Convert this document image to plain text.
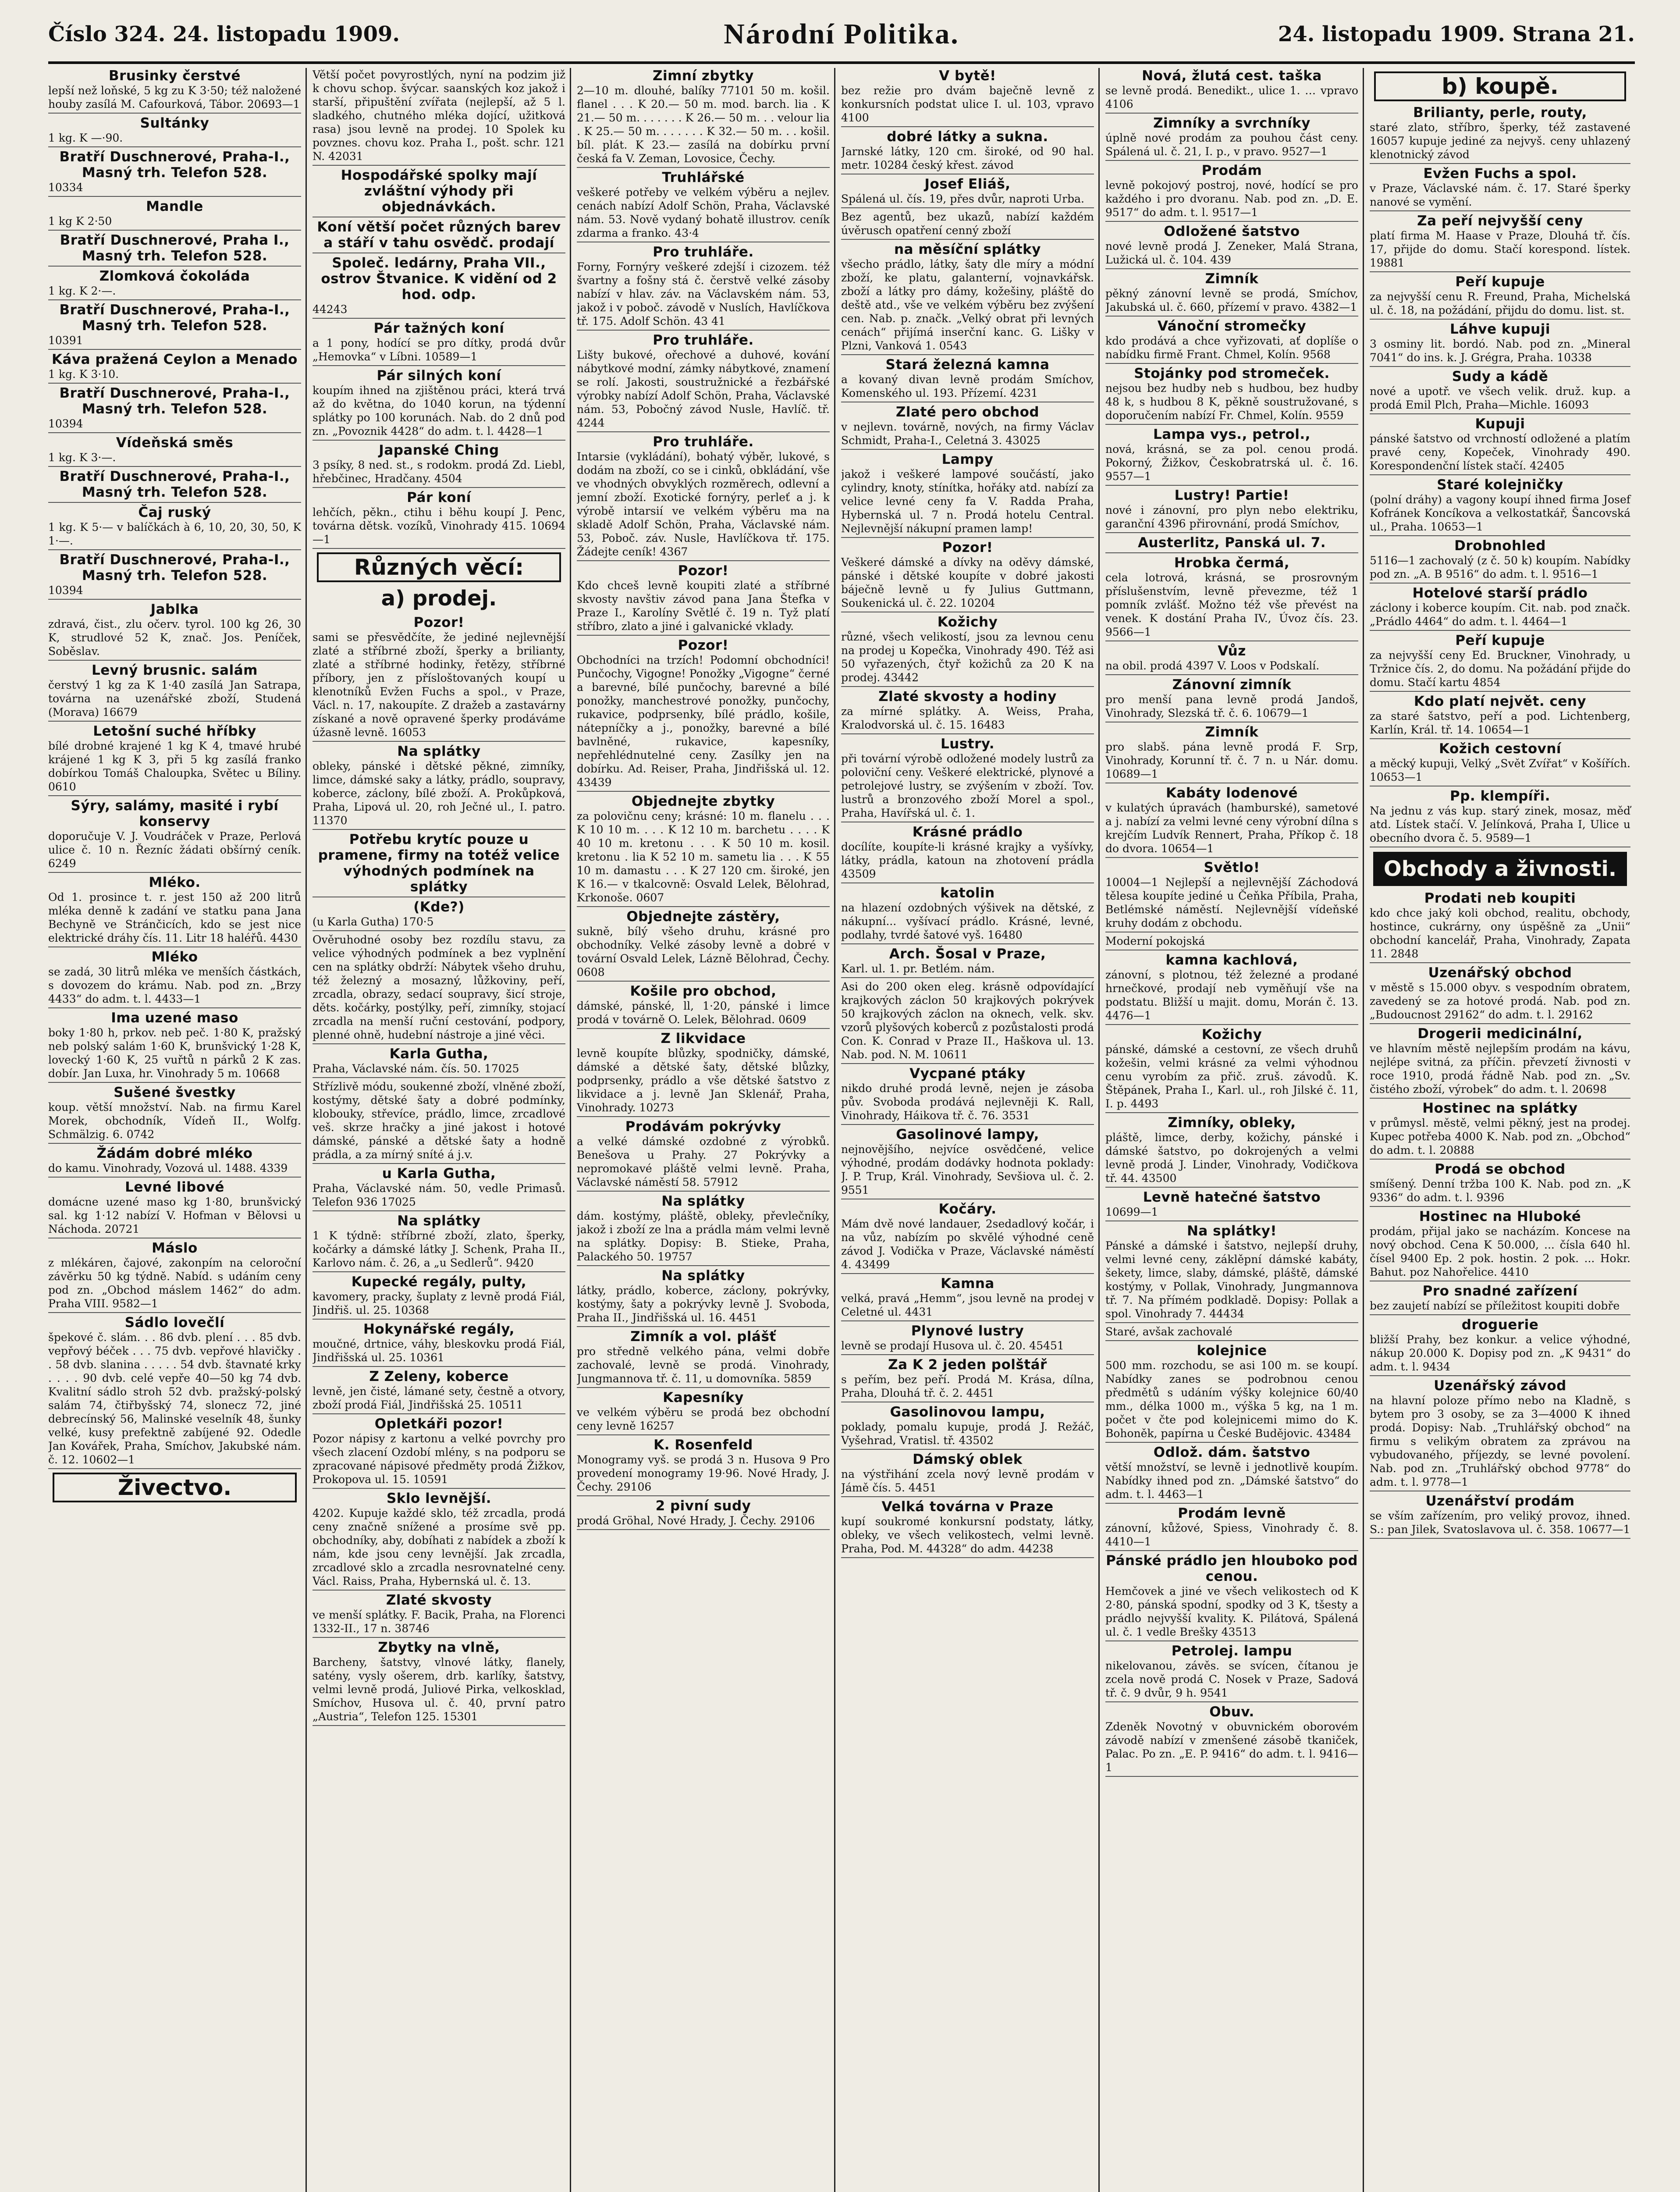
Číslo 324. 24. listopadu 1909.	Národní Politika.	24. listopadu 1909. Strana 21.
Brusinky čerstvé
lepší než loňské, 5 kg zu K 3·50; též naložené houby zasílá M. Cafourková, Tábor. 20693—1
Sultánky
1 kg. K —·90.
Bratří Duschnerové, Praha-I., Masný trh. Telefon 528.
10334
Mandle
1 kg K 2·50
Bratří Duschnerové, Praha I., Masný trh. Telefon 528.
Zlomková čokoláda
1 kg. K 2·—.
Bratří Duschnerové, Praha-I., Masný trh. Telefon 528.
10391
Káva pražená Ceylon a Menado
1 kg. K 3·10.
Bratří Duschnerové, Praha-I., Masný trh. Telefon 528.
10394
Vídeňská směs
1 kg. K 3·—.
Bratří Duschnerové, Praha-I., Masný trh. Telefon 528.
Čaj ruský
1 kg. K 5·— v balíčkách à 6, 10, 20, 30, 50, K 1·—.
Bratří Duschnerové, Praha-I., Masný trh. Telefon 528.
10394
Jablka
zdravá, čist., zlu očerv. tyrol. 100 kg 26, 30 K, strudlové 52 K, znač. Jos. Peníček, Soběslav.
Levný brusnic. salám
čerstvý 1 kg za K 1·40 zasílá Jan Satrapa, továrna na uzenářské zboží, Studená (Morava) 16679
Letošní suché hříbky
bílé drobné krajené 1 kg K 4, tmavé hrubé krájené 1 kg K 3, při 5 kg zasílá franko dobírkou Tomáš Chaloupka, Světec u Bíliny. 0610
Sýry, salámy, masité i rybí konservy
doporučuje V. J. Voudráček v Praze, Perlová ulice č. 10 n. Řezníc žádati obšírný ceník. 6249
Mléko.
Od 1. prosince t. r. jest 150 až 200 litrů mléka denně k zadání ve statku pana Jana Bechyně ve Stránčicích, kdo se jest nice elektrické dráhy čís. 11. Litr 18 haléřů. 4430
Mléko
se zadá, 30 litrů mléka ve menších částkách, s dovozem do krámu. Nab. pod zn. „Brzy 4433“ do adm. t. l. 4433—1
Ima uzené maso
boky 1·80 h, prkov. neb peč. 1·80 K, pražský neb polský salám 1·60 K, brunšvický 1·28 K, lovecký 1·60 K, 25 vuřtů n párků 2 K zas. dobír. Jan Luxa, hr. Vinohrady 5 m. 10668
Sušené švestky
koup. větší množství. Nab. na firmu Karel Morek, obchodník, Vídeň II., Wolfg. Schmälzig. 6. 0742
Žádám dobré mléko
do kamu. Vinohrady, Vozová ul. 1488. 4339
Levné libové
domácne uzené maso kg 1·80, brunšvický sal. kg 1·12 nabízí V. Hofman v Bělovsi u Náchoda. 20721
Máslo
z mlékáren, čajové, zakonpím na celoroční závěrku 50 kg týdně. Nabíd. s udáním ceny pod zn. „Obchod máslem 1462“ do adm. Praha VIII. 9582—1
Sádlo lovečlí
špekové č. slám. . . 86 dvb. plení . . . 85 dvb. vepřový béček . . . 75 dvb. vepřové hlavičky . . 58 dvb. slanina . . . . . 54 dvb. štavnaté krky . . . . 90 dvb. celé vepře 40—50 kg 74 dvb. Kvalitní sádlo stroh 52 dvb. pražský-polský salám 74, čtiřbyšský 74, slonecz 72, jiné debrecínský 56, Malinské veselník 48, šunky velké, kusy prefektně zabíjené 92. Odedle Jan Kovářek, Praha, Smíchov, Jakubské nám. č. 12. 10602—1
Živectvo.
Větší počet povyrostlých, nyní na podzim již k chovu schop. švýcar. saanských koz jakož i starší, připuštění zvířata (nejlepší, až 5 l. sladkého, chutného mléka dojící, užitková rasa) jsou levně na prodej. 10 Spolek ku povznes. chovu koz. Praha I., pošt. schr. 121 N. 42031
Hospodářské spolky mají zvláštní výhody při objednávkách.
Koní větší počet různých barev a stáří v tahu osvědč. prodají
Společ. ledárny, Praha VII., ostrov Štvanice. K vidění od 2 hod. odp.
44243
Pár tažných koní
a 1 pony, hodící se pro dítky, prodá dvůr „Hemovka“ v Líbni. 10589—1
Pár silných koní
koupím ihned na zjištěnou práci, která trvá až do května, do 1040 korun, na týdenní splátky po 100 korunách. Nab. do 2 dnů pod zn. „Povoznik 4428“ do adm. t. l. 4428—1
Japanské Ching
3 psíky, 8 ned. st., s rodokm. prodá Zd. Liebl, hřebčinec, Hradčany. 4504
Pár koní
lehčích, pěkn., ctihu i běhu koupí J. Penc, továrna dětsk. vozíků, Vinohrady 415. 10694—1
Různých věcí:
a) prodej.
Pozor!
sami se přesvědčíte, že jediné nejlevnější zlaté a stříbrné zboží, šperky a brilianty, zlaté a stříbrné hodinky, řetězy, stříbrné příbory, jen z přísloštovaných koupí u klenotníků Evžen Fuchs a spol., v Praze, Václ. n. 17, nakoupíte. Z dražeb a zastavárny získané a nově opravené šperky prodáváme úžasně levně. 16053
Na splátky
obleky, pánské i dětské pěkné, zimníky, limce, dámské saky a látky, prádlo, soupravy, koberce, záclony, bílé zboží. A. Prokůpková, Praha, Lipová ul. 20, roh Ječné ul., I. patro. 11370
Potřebu krytíc pouze u pramene, firmy na totéž velice výhodných podmínek na splátky
(Kde?)
(u Karla Gutha) 170·5
Ověruhodné osoby bez rozdílu stavu, za velice výhodných podmínek a bez vyplnění cen na splátky obdrží: Nábytek všeho druhu, též železný a mosazný, lůžkoviny, peří, zrcadla, obrazy, sedací soupravy, šicí stroje, děts. kočárky, postýlky, peří, zimníky, stojací zrcadla na menší ruční cestování, podpory, plenné ohně, hudební nástroje a jiné věci.
Karla Gutha,
Praha, Václavské nám. čís. 50. 17025
Střízlivě módu, soukenné zboží, vlněné zboží, kostýmy, dětské šaty a dobré podmínky, klobouky, střevíce, prádlo, limce, zrcadlové veš. skrze hračky a jiné jakost i hotové dámské, pánské a dětské šaty a hodně prádla, a za mírný sníté á j.v.
u Karla Gutha,
Praha, Václavské nám. 50, vedle Primasů. Telefon 936 17025
Na splátky
1 K týdně: stříbrné zboží, zlato, šperky, kočárky a dámské látky J. Schenk, Praha II., Karlovo nám. č. 26, a „u Sedlerů“. 9420
Kupecké regály, pulty,
kavomery, pracky, šuplaty z levně prodá Fiál, Jindřiš. ul. 25. 10368
Hokynářské regály,
moučné, drtnice, váhy, bleskovku prodá Fiál, Jindřišská ul. 25. 10361
Z Zeleny, koberce
levně, jen čisté, lámané sety, čestně a otvory, zboží prodá Fiál, Jindřišská 25. 10511
Opletkáři pozor!
Pozor nápisy z kartonu a velké povrchy pro všech zlacení Ozdobí mlény, s na podporu se zpracované nápisové předměty prodá Žižkov, Prokopova ul. 15. 10591
Sklo levnější.
4202. Kupuje každé sklo, též zrcadla, prodá ceny značně snížené a prosíme svě pp. obchodníky, aby, dobíhati z nabídek a zboží k nám, kde jsou ceny levnější. Jak zrcadla, zrcadlové sklo a zrcadla nesrovnatelné ceny. Václ. Raiss, Praha, Hybernská ul. č. 13.
Zlaté skvosty
ve menší splátky. F. Bacik, Praha, na Florenci 1332-II., 17 n. 38746
Zbytky na vlně,
Barcheny, šatstvy, vlnové látky, flanely, satény, vysly ošerem, drb. karlíky, šatstvy, velmi levně prodá, Juliové Pirka, velkosklad, Smíchov, Husova ul. č. 40, první patro „Austria“, Telefon 125. 15301
Zimní zbytky
2—10 m. dlouhé, balíky 77101 50 m. košil. flanel . . . K 20.— 50 m. mod. barch. lia . K 21.— 50 m. . . . . . . K 26.— 50 m. . . velour lia . K 25.— 50 m. . . . . . . K 32.— 50 m. . . košil. bíl. plát. K 23.— zasílá na dobírku první česká fa V. Zeman, Lovosice, Čechy.
Truhlářské
veškeré potřeby ve velkém výběru a nejlev. cenách nabízí Adolf Schön, Praha, Václavské nám. 53. Nově vydaný bohatě illustrov. ceník zdarma a franko. 43·4
Pro truhláře.
Forny, Fornýry veškeré zdejší i cizozem. též švartny a fošny stá č. čerstvě velké zásoby nabízí v hlav. záv. na Václavském nám. 53, jakož i v poboč. závodě v Nuslích, Havlíčkova tř. 175. Adolf Schön. 43 41
Pro truhláře.
Lišty bukové, ořechové a duhové, kování nábytkové modní, zámky nábytkové, znamení se rolí. Jakosti, soustružnické a řezbářské výrobky nabízí Adolf Schön, Praha, Václavské nám. 53, Pobočný závod Nusle, Havlíč. tř. 4244
Pro truhláře.
Intarsie (vykládání), bohatý výběr, lukové, s dodám na zboží, co se i cinků, obkládání, vše ve vhodných obvyklých rozměrech, odlevní a jemní zboží. Exotické fornýry, perleť a j. k výrobě intarsií ve velkém výběru ma na skladě Adolf Schön, Praha, Václavské nám. 53, Poboč. záv. Nusle, Havlíčkova tř. 175. Žádejte ceník! 4367
Pozor!
Kdo chceš levně koupiti zlaté a stříbrné skvosty navštiv závod pana Jana Štefka v Praze I., Karolíny Světlé č. 19 n. Tyž platí stříbro, zlato a jiné i galvanické vklady.
Pozor!
Obchodníci na trzích! Podomní obchodníci! Punčochy, Vigogne! Ponožky „Vigogne“ černé a barevné, bílé punčochy, barevné a bílé ponožky, manchestrové ponožky, punčochy, rukavice, podprsenky, bílé prádlo, košile, nátepníčky a j., ponožky, barevné a bílé bavlněné, rukavice, kapesníky, nepřehlédnutelné ceny. Zasílky jen na dobírku. Ad. Reiser, Praha, Jindřišská ul. 12. 43439
Objednejte zbytky
za polovičnu ceny; krásné: 10 m. flanelu . . . K 10 10 m. . . . K 12 10 m. barchetu . . . . K 40 10 m. kretonu . . . K 50 10 m. kosil. kretonu . lia K 52 10 m. sametu lia . . . K 55 10 m. damastu . . . K 27 120 cm. široké, jen K 16.— v tkalcovně: Osvald Lelek, Bělohrad, Krkonoše. 0607
Objednejte zástěry,
sukně, bílý všeho druhu, krásné pro obchodníky. Velké zásoby levně a dobré v tovární Osvald Lelek, Lázně Bělohrad, Čechy. 0608
Košile pro obchod,
dámské, pánské, ll, 1·20, pánské i limce prodá v továrně O. Lelek, Bělohrad. 0609
Z likvidace
levně koupíte blůzky, spodničky, dámské, dámské a dětské šaty, dětské blůzky, podprsenky, prádlo a vše dětské šatstvo z likvidace a j. levně Jan Sklenář, Praha, Vinohrady. 10273
Prodávám pokrývky
a velké dámské ozdobné z výrobků. Benešova u Prahy. 27 Pokrývky a nepromokavé pláště velmi levně. Praha, Václavské náměstí 58. 57912
Na splátky
dám. kostýmy, pláště, obleky, převlečníky, jakož i zboží ze lna a prádla mám velmi levně na splátky. Dopisy: B. Stieke, Praha, Palackého 50. 19757
Na splátky
látky, prádlo, koberce, záclony, pokrývky, kostýmy, šaty a pokrývky levně J. Svoboda, Praha II., Jindřišská ul. 16. 4451
Zimník a vol. plášť
pro středně velkého pána, velmi dobře zachovalé, levně se prodá. Vinohrady, Jungmannova tř. č. 11, u domovníka. 5859
Kapesníky
ve velkém výběru se prodá bez obchodní ceny levně 16257
K. Rosenfeld
Monogramy vyš. se prodá 3 n. Husova 9 Pro provedení monogramy 19·96. Nové Hrady, J. Čechy. 29106
2 pivní sudy
prodá Gröhal, Nové Hrady, J. Čechy. 29106
V bytě!
bez režie pro dvám baječně levně z konkursních podstat ulice I. ul. 103, vpravo 4100
dobré látky a sukna.
Jarnské látky, 120 cm. široké, od 90 hal. metr. 10284 český křest. závod
Josef Eliáš,
Spálená ul. čís. 19, přes dvůr, naproti Urba.
Bez agentů, bez ukazů, nabízí každém úvěrusch opatření cenný zboží
na měsíční splátky
všecho prádlo, látky, šaty dle míry a módní zboží, ke platu, galanterní, vojnavkářsk. zboží a látky pro dámy, kožešiny, pláště do deště atd., vše ve velkém výběru bez zvýšení cen. Nab. p. značk. „Velký obrat při levných cenách“ přijímá inserční kanc. G. Lišky v Plzni, Vanková 1. 0543
Stará železná kamna
a kovaný divan levně prodám Smíchov, Komenského ul. 193. Přízemí. 4231
Zlaté pero obchod
v nejlevn. továrně, nových, na firmy Václav Schmidt, Praha-I., Celetná 3. 43025
Lampy
jakož i veškeré lampové součástí, jako cylindry, knoty, stínítka, hořáky atd. nabízí za velice levné ceny fa V. Radda Praha, Hybernská ul. 7 n. Prodá hotelu Central. Nejlevnější nákupní pramen lamp!
Pozor!
Veškeré dámské a dívky na oděvy dámské, pánské i dětské koupíte v dobré jakosti báječně levně u fy Julius Guttmann, Soukenická ul. č. 22. 10204
Kožichy
různé, všech velikostí, jsou za levnou cenu na prodej u Kopečka, Vinohrady 490. Též asi 50 vyřazených, čtyř kožichů za 20 K na prodej. 43442
Zlaté skvosty a hodiny
za mírné splátky. A. Weiss, Praha, Kralodvorská ul. č. 15. 16483
Lustry.
při tovární výrobě odložené modely lustrů za poloviční ceny. Veškeré elektrické, plynové a petrolejové lustry, se zvýšením v zboží. Tov. lustrů a bronzového zboží Morel a spol., Praha, Havířská ul. č. 1.
Krásné prádlo
docílíte, koupíte-li krásné krajky a vyšívky, látky, prádla, katoun na zhotovení prádla 43509
katolin
na hlazení ozdobných výšivek na dětské, z nákupní... vyšívací prádlo. Krásné, levné, podlahy, tvrdé šatové vyš. 16480
Arch. Šosal v Praze,
Karl. ul. 1. pr. Betlém. nám.
Asi do 200 oken eleg. krásně odpovídající krajkových záclon 50 krajkových pokrývek 50 krajkových záclon na oknech, velk. skv. vzorů plyšových koberců z pozůstalosti prodá Con. K. Conrad v Praze II., Haškova ul. 13. Nab. pod. N. M. 10611
Vycpané ptáky
nikdo druhé prodá levně, nejen je zásoba pův. Svoboda prodává nejlevněji K. Rall, Vinohrady, Háikova tř. č. 76. 3531
Gasolinové lampy,
nejnovějšího, nejvíce osvědčené, velice výhodné, prodám dodávky hodnota poklady: J. P. Trup, Král. Vinohrady, Sevšiova ul. č. 2. 9551
Kočáry.
Mám dvě nové landauer, 2sedadlový kočár, i na vůz, nabízím po skvělé výhodné ceně závod J. Vodička v Praze, Václavské náměstí 4. 43499
Kamna
velká, pravá „Hemm“, jsou levně na prodej v Celetné ul. 4431
Plynové lustry
levně se prodají Husova ul. č. 20. 45451
Za K 2 jeden polštář
s peřím, bez peří. Prodá M. Krása, dílna, Praha, Dlouhá tř. č. 2. 4451
Gasolinovou lampu,
poklady, pomalu kupuje, prodá J. Režáč, Vyšehrad, Vratisl. tř. 43502
Dámský oblek
na výstřihání zcela nový levně prodám v Jámě čís. 5. 4451
Velká továrna v Praze
kupí soukromé konkursní podstaty, látky, obleky, ve všech velikostech, velmi levně. Praha, Pod. M. 44328“ do adm. 44238
Nová, žlutá cest. taška
se levně prodá. Benedikt., ulice 1. … vpravo 4106
Zimníky a svrchníky
úplně nové prodám za pouhou část ceny. Spálená ul. č. 21, I. p., v pravo. 9527—1
Prodám
levně pokojový postroj, nové, hodící se pro každého i pro dvoranu. Nab. pod zn. „D. E. 9517“ do adm. t. l. 9517—1
Odložené šatstvo
nové levně prodá J. Zeneker, Malá Strana, Lužická ul. č. 104. 439
Zimník
pěkný zánovní levně se prodá, Smíchov, Jakubská ul. č. 660, přízemí v pravo. 4382—1
Vánoční stromečky
kdo prodává a chce vyřizovati, ať doplíše o nabídku firmě Frant. Chmel, Kolín. 9568
Stojánky pod stromeček.
nejsou bez hudby neb s hudbou, bez hudby 48 k, s hudbou 8 K, pěkně soustružované, s doporučením nabízí Fr. Chmel, Kolín. 9559
Lampa vys., petrol.,
nová, krásná, se za pol. cenou prodá. Pokorný, Žižkov, Českobratrská ul. č. 16. 9557—1
Lustry! Partie!
nové i zánovní, pro plyn nebo elektriku, garanční 4396 přirovnání, prodá Smíchov,
Austerlitz, Panská ul. 7.
Hrobka čermá,
cela lotrová, krásná, se prosrovným příslušenstvím, levně převezme, též 1 pomník zvlášť. Možno též vše převést na venek. K dostání Praha IV., Úvoz čís. 23. 9566—1
Vůz
na obil. prodá 4397 V. Loos v Podskalí.
Zánovní zimník
pro menší pana levně prodá Jandoš, Vinohrady, Slezská tř. č. 6. 10679—1
Zimník
pro slabš. pána levně prodá F. Srp, Vinohrady, Korunní tř. č. 7 n. u Nár. domu. 10689—1
Kabáty lodenové
v kulatých úpravách (hamburské), sametové a j. nabízí za velmi levné ceny výrobní dílna s krejčím Ludvík Rennert, Praha, Příkop č. 18 do dvora. 10654—1
Světlo!
10004—1 Nejlepší a nejlevnější Záchodová tělesa koupíte jediné u Čeňka Příbila, Praha, Betlémské náměstí. Nejlevnější vídeňské kruhy dodám z obchodu.
Moderní pokojská
kamna kachlová,
zánovní, s plotnou, též železné a prodané hrnečkové, prodají neb vyměňují vše na podstatu. Bližší u majit. domu, Morán č. 13. 4476—1
Kožichy
pánské, dámské a cestovní, ze všech druhů kožešin, velmi krásné za velmi výhodnou cenu vyrobím za přič. zruš. závodů. K. Štěpánek, Praha I., Karl. ul., roh Jilské č. 11, I. p. 4493
Zimníky, obleky,
pláště, limce, derby, kožichy, pánské i dámské šatstvo, po dokrojených a velmi levně prodá J. Linder, Vinohrady, Vodičkova tř. 44. 43500
Levně hatečné šatstvo
10699—1
Na splátky!
Pánské a dámské i šatstvo, nejlepší druhy, velmi levné ceny, záklěpní dámské kabáty, šekety, limce, slaby, dámské, pláště, dámské kostýmy, v Pollak, Vinohrady, Jungmannova tř. 7. Na přímém podkladě. Dopisy: Pollak a spol. Vinohrady 7. 44434
Staré, avšak zachovalé
kolejnice
500 mm. rozchodu, se asi 100 m. se koupí. Nabídky zanes se podrobnou cenou předmětů s udáním výšky kolejnice 60/40 mm., délka 1000 m., výška 5 kg, na 1 m. počet v čte pod kolejnicemi mimo do K. Bohoněk, papírna u České Budějovic. 43484
Odlož. dám. šatstvo
větší množství, se levně i jednotlivě koupím. Nabídky ihned pod zn. „Dámské šatstvo“ do adm. t. l. 4463—1
Prodám levně
zánovní, kůžové, Spiess, Vinohrady č. 8. 4410—1
Pánské prádlo jen hlouboko pod cenou.
Hemčovek a jiné ve všech velikostech od K 2·80, pánská spodní, spodky od 3 K, tšesty a prádlo nejvyšší kvality. K. Pilátová, Spálená ul. č. 1 vedle Brešky 43513
Petrolej. lampu
nikelovanou, závěs. se svícen, čítanou je zcela nově prodá C. Nosek v Praze, Sadová tř. č. 9 dvůr, 9 h. 9541
Obuv.
Zdeněk Novotný v obuvnickém oborovém závodě nabízí v zmenšené zásobě tkaniček, Palac. Po zn. „E. P. 9416“ do adm. t. l. 9416—1
b) koupě.
Brilianty, perle, routy,
staré zlato, stříbro, šperky, též zastavené 16057 kupuje jediné za nejvyš. ceny uhlazený klenotnický závod
Evžen Fuchs a spol.
v Praze, Václavské nám. č. 17. Staré šperky nanové se vymění.
Za peří nejvyšší ceny
platí firma M. Haase v Praze, Dlouhá tř. čís. 17, přijde do domu. Stačí korespond. lístek. 19881
Peří kupuje
za nejvyšší cenu R. Freund, Praha, Michelská ul. č. 18, na požádání, přijdu do domu. list. st.
Láhve kupuji
3 osminy lit. bordó. Nab. pod zn. „Mineral 7041“ do ins. k. J. Grégra, Praha. 10338
Sudy a kádě
nové a upotř. ve všech velik. druž. kup. a prodá Emil Plch, Praha—Michle. 16093
Kupuji
pánské šatstvo od vrchností odložené a platím pravé ceny, Kopeček, Vinohrady 490. Korespondenční lístek stačí. 42405
Staré kolejničky
(polní dráhy) a vagony koupí ihned firma Josef Kofránek Koncíkova a velkostatkář, Šancovská ul., Praha. 10653—1
Drobnohled
5116—1 zachovalý (z č. 50 k) koupím. Nabídky pod zn. „A. B 9516“ do adm. t. l. 9516—1
Hotelové starší prádlo
záclony i koberce koupím. Cit. nab. pod značk. „Prádlo 4464“ do adm. t. l. 4464—1
Peří kupuje
za nejvyšší ceny Ed. Bruckner, Vinohrady, u Tržnice čís. 2, do domu. Na požádání přijde do domu. Stačí kartu 4854
Kdo platí největ. ceny
za staré šatstvo, peří a pod. Lichtenberg, Karlín, Král. tř. 14. 10654—1
Kožich cestovní
a měcký kupuji, Velký „Svět Zvířat“ v Košířích. 10653—1
Pp. klempíři.
Na jednu z vás kup. starý zinek, mosaz, měď atd. Lístek stačí. V. Jelínková, Praha I, Ulice u obecního dvora č. 5. 9589—1
Obchody a živnosti.
Prodati neb koupiti
kdo chce jaký koli obchod, realitu, obchody, hostince, cukrárny, ony úspěšně za „Unii“ obchodní kancelář, Praha, Vinohrady, Zapata 11. 2848
Uzenářský obchod
v městě s 15.000 obyv. s vespodním obratem, zavedený se za hotové prodá. Nab. pod zn. „Budoucnost 29162“ do adm. t. l. 29162
Drogerii medicinální,
ve hlavním městě nejlepším prodám na kávu, nejlépe svitná, za příčin. převzetí živnosti v roce 1910, prodá řádně Nab. pod zn. „Sv. čistého zboží, výrobek“ do adm. t. l. 20698
Hostinec na splátky
v průmysl. městě, velmi pěkný, jest na prodej. Kupec potřeba 4000 K. Nab. pod zn. „Obchod“ do adm. t. l. 20888
Prodá se obchod
smíšený. Denní tržba 100 K. Nab. pod zn. „K 9336“ do adm. t. l. 9396
Hostinec na Hluboké
prodám, přijal jako se nacházím. Koncese na nový obchod. Cena K 50.000, ... čísla 640 hl. čísel 9400 Ep. 2 pok. hostin. 2 pok. ... Hokr. Bahut. poz Nahořelice. 4410
Pro snadné zařízení
bez zaujetí nabízí se příležitost koupiti dobře
droguerie
bližší Prahy, bez konkur. a velice výhodné, nákup 20.000 K. Dopisy pod zn. „K 9431“ do adm. t. l. 9434
Uzenářský závod
na hlavní poloze přímo nebo na Kladně, s bytem pro 3 osoby, se za 3—4000 K ihned prodá. Dopisy: Nab. „Truhlářský obchod“ na firmu s velikým obratem za zprávou na vybudovaného, příjezdy, se levné povolení. Nab. pod zn. „Truhlářský obchod 9778“ do adm. t. l. 9778—1
Uzenářství prodám
se vším zařízením, pro veliký provoz, ihned. S.: pan Jilek, Svatoslavova ul. č. 358. 10677—1
